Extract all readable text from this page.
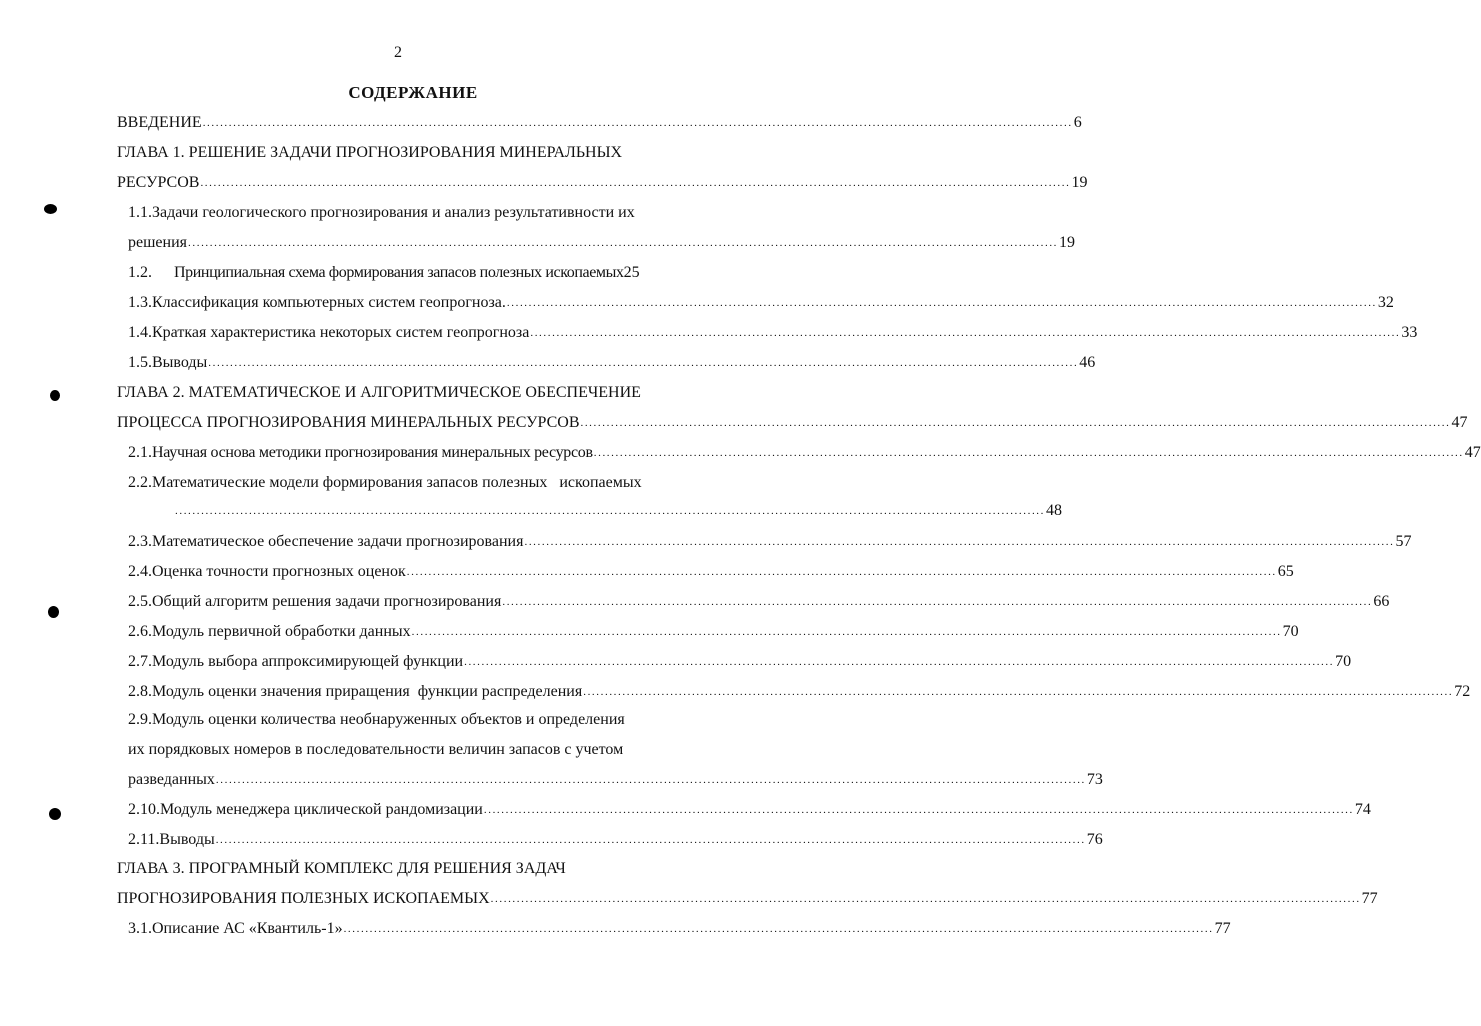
2
СОДЕРЖАНИЕ
ВВЕДЕНИЕ ........................................................................................................................................................................................................ 6
ГЛАВА 1. РЕШЕНИЕ ЗАДАЧИ ПРОГНОЗИРОВАНИЯ МИНЕРАЛЬНЫХ
РЕСУРСОВ ........................................................................................................................................................................................................ 19
1.1.Задачи геологического прогнозирования и анализ результативности их
решения ........................................................................................................................................................................................................ 19
1.2.	Принципиальная схема формирования запасов полезных ископаемых 25
1.3. Классификация компьютерных систем геопрогноза. ........................................................................................................................................................................................................ 32
1.4. Краткая характеристика некоторых систем геопрогноза ........................................................................................................................................................................................................ 33
1.5. Выводы ........................................................................................................................................................................................................ 46
ГЛАВА 2. МАТЕМАТИЧЕСКОЕ И АЛГОРИТМИЧЕСКОЕ ОБЕСПЕЧЕНИЕ
ПРОЦЕССА ПРОГНОЗИРОВАНИЯ МИНЕРАЛЬНЫХ РЕСУРСОВ ........................................................................................................................................................................................................ 47
2.1. Научная основа методики прогнозирования минеральных ресурсов ........................................................................................................................................................................................................ 47
2.2.Математические модели формирования запасов полезных   ископаемых
........................................................................................................................................................................................................ 48
2.3. Математическое обеспечение задачи прогнозирования ........................................................................................................................................................................................................ 57
2.4. Оценка точности прогнозных оценок ........................................................................................................................................................................................................ 65
2.5. Общий алгоритм решения задачи прогнозирования ........................................................................................................................................................................................................ 66
2.6. Модуль первичной обработки данных ........................................................................................................................................................................................................ 70
2.7. Модуль выбора аппроксимирующей функции ........................................................................................................................................................................................................ 70
2.8. Модуль оценки значения приращения  функции распределения ........................................................................................................................................................................................................ 72
2.9.Модуль оценки количества необнаруженных объектов и определения
их порядковых номеров в последовательности величин запасов с учетом
разведанных ........................................................................................................................................................................................................ 73
2.10. Модуль менеджера циклической рандомизации ........................................................................................................................................................................................................ 74
2.11. Выводы ........................................................................................................................................................................................................ 76
ГЛАВА 3. ПРОГРАМНЫЙ КОМПЛЕКС ДЛЯ РЕШЕНИЯ ЗАДАЧ
ПРОГНОЗИРОВАНИЯ ПОЛЕЗНЫХ ИСКОПАЕМЫХ ........................................................................................................................................................................................................ 77
3.1. Описание АС «Квантиль-1» ........................................................................................................................................................................................................ 77
